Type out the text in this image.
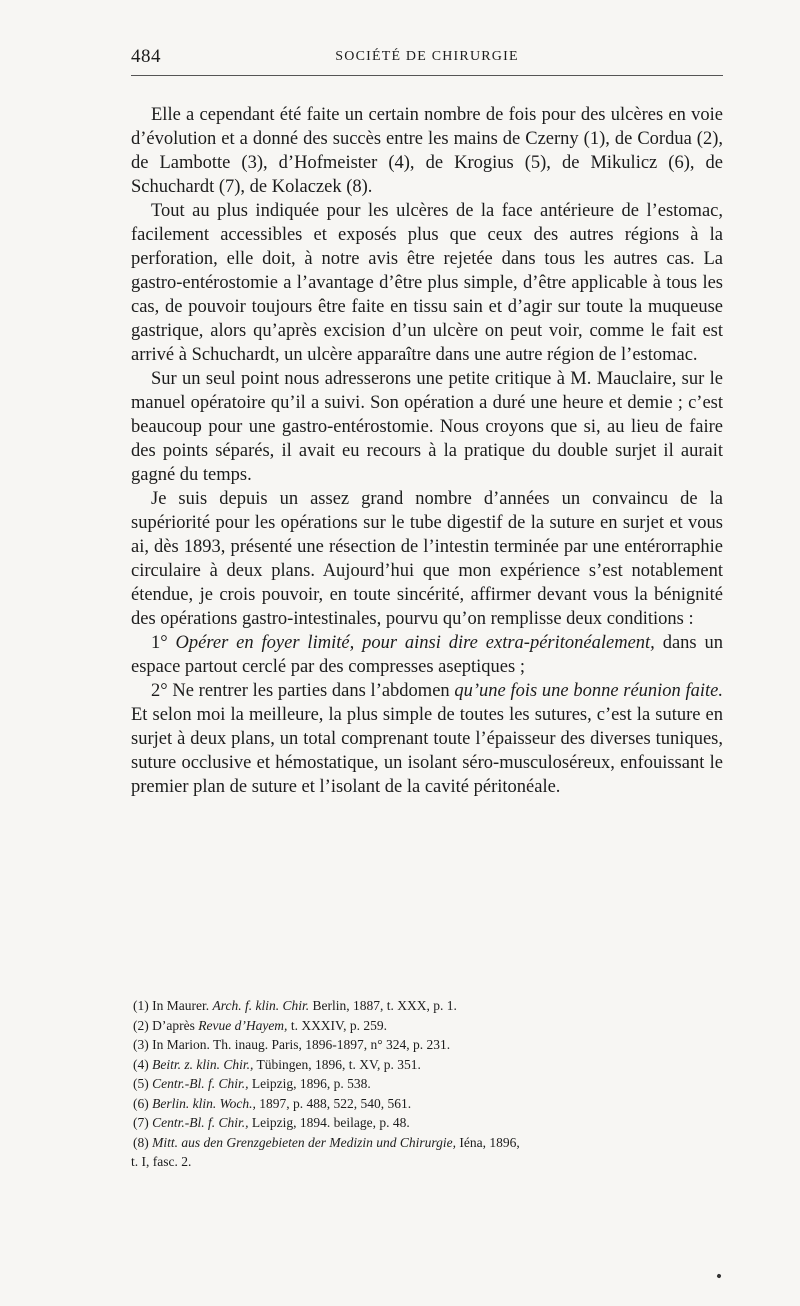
484	SOCIÉTÉ DE CHIRURGIE

Elle a cependant été faite un certain nombre de fois pour des ulcères en voie d’évolution et a donné des succès entre les mains de Czerny (1), de Cordua (2), de Lambotte (3), d’Hofmeister (4), de Krogius (5), de Mikulicz (6), de Schuchardt (7), de Kolaczek (8).

Tout au plus indiquée pour les ulcères de la face antérieure de l’estomac, facilement accessibles et exposés plus que ceux des autres régions à la perforation, elle doit, à notre avis être rejetée dans tous les autres cas. La gastro-entérostomie a l’avantage d’être plus simple, d’être applicable à tous les cas, de pouvoir toujours être faite en tissu sain et d’agir sur toute la muqueuse gastrique, alors qu’après excision d’un ulcère on peut voir, comme le fait est arrivé à Schuchardt, un ulcère apparaître dans une autre région de l’estomac.

Sur un seul point nous adresserons une petite critique à M. Mauclaire, sur le manuel opératoire qu’il a suivi. Son opération a duré une heure et demie ; c’est beaucoup pour une gastro-entérostomie. Nous croyons que si, au lieu de faire des points séparés, il avait eu recours à la pratique du double surjet il aurait gagné du temps.

Je suis depuis un assez grand nombre d’années un convaincu de la supériorité pour les opérations sur le tube digestif de la suture en surjet et vous ai, dès 1893, présenté une résection de l’intestin terminée par une entérorraphie circulaire à deux plans. Aujourd’hui que mon expérience s’est notablement étendue, je crois pouvoir, en toute sincérité, affirmer devant vous la bénignité des opérations gastro-intestinales, pourvu qu’on remplisse deux conditions :

1° Opérer en foyer limité, pour ainsi dire extra-péritonéalement, dans un espace partout cerclé par des compresses aseptiques ;

2° Ne rentrer les parties dans l’abdomen qu’une fois une bonne réunion faite. Et selon moi la meilleure, la plus simple de toutes les sutures, c’est la suture en surjet à deux plans, un total comprenant toute l’épaisseur des diverses tuniques, suture occlusive et hémostatique, un isolant séro-musculoséreux, enfouissant le premier plan de suture et l’isolant de la cavité péritonéale.

(1) In Maurer. Arch. f. klin. Chir. Berlin, 1887, t. XXX, p. 1.

(2) D’après Revue d’Hayem, t. XXXIV, p. 259.

(3) In Marion. Th. inaug. Paris, 1896-1897, n° 324, p. 231.

(4) Beitr. z. klin. Chir., Tübingen, 1896, t. XV, p. 351.

(5) Centr.-Bl. f. Chir., Leipzig, 1896, p. 538.

(6) Berlin. klin. Woch., 1897, p. 488, 522, 540, 561.

(7) Centr.-Bl. f. Chir., Leipzig, 1894. beilage, p. 48.

(8) Mitt. aus den Grenzgebieten der Medizin und Chirurgie, Iéna, 1896,

t. I, fasc. 2.
